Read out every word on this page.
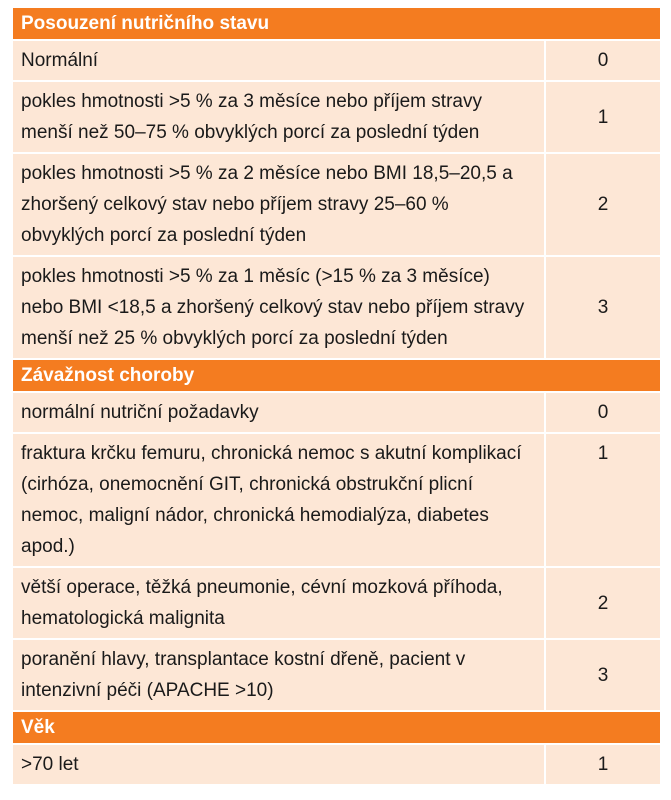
Posouzení nutričního stavu	
Normální	0
pokles hmotnosti >5 % za 3 měsíce nebo příjem stravy menší než 50–75 % obvyklých porcí za poslední týden	1
pokles hmotnosti >5 % za 2 měsíce nebo BMI 18,5–20,5 a zhoršený celkový stav nebo příjem stravy 25–60 % obvyklých porcí za poslední týden	2
pokles hmotnosti >5 % za 1 měsíc (>15 % za 3 měsíce) nebo BMI <18,5 a zhoršený celkový stav nebo příjem stravy menší než 25 % obvyklých porcí za poslední týden	3
Závažnost choroby	
normální nutriční požadavky	0
fraktura krčku femuru, chronická nemoc s akutní komplikací (cirhóza, onemocnění GIT, chronická obstrukční plicní nemoc, maligní nádor, chronická hemodialýza, diabetes apod.)	1
větší operace, těžká pneumonie, cévní mozková příhoda, hematologická malignita	2
poranění hlavy, transplantace kostní dřeně, pacient v intenzivní péči (APACHE >10)	3
Věk	
>70 let	1
